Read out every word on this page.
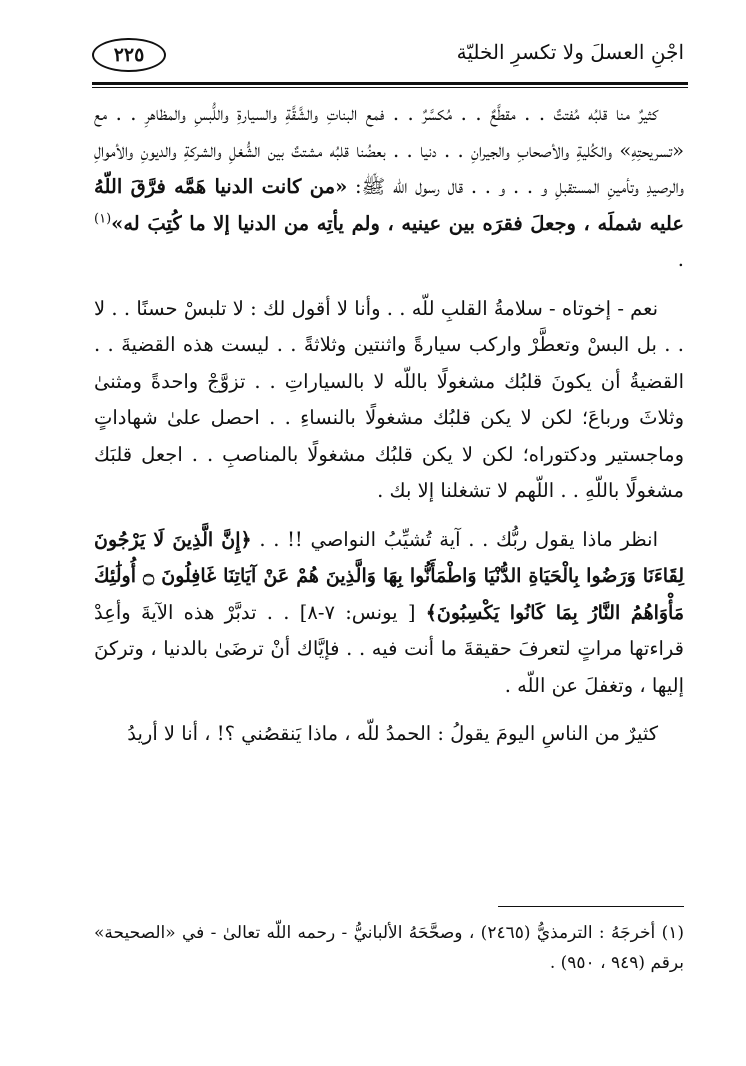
اجْنِ العسلَ ولا تكسرِ الخليّة
٢٢٥

كثيرٌ منا قلبُه مُفتتٌ . . مقطَّعٌ . . مُكسَّرٌ . . فمع البناتِ والشَّقَّةِ والسيارةِ واللُّبسِ والمظاهرِ . . مع «تسريحتِهِ» والكُليةِ والأصحابِ والجيرانِ . . دنيا . . بعضُنا قلبُه مشتتٌ بين الشُّغلِ والشركةِ والديونِ والأموالِ والرصيدِ وتأمينِ المستقبلِ و . . و . . قال رسول اللّه ﷺ: «من كانت الدنيا هَمَّه فرَّقَ اللّهُ عليه شملَه ، وجعلَ فقرَه بين عينيه ، ولم يأتِه من الدنيا إلا ما كُتِبَ له»$^{(١)}$ .

نعم - إخوتاه - سلامةُ القلبِ للّه . . وأنا لا أقول لك : لا تلبسْ حسنًا . . لا . . بل البسْ وتعطَّرْ واركب سيارةً واثنتين وثلاثةً . . ليست هذه القضيةَ . . القضيةُ أن يكونَ قلبُك مشغولًا باللّه لا بالسياراتِ . . تزوَّجْ واحدةً ومثنىٰ وثلاثَ ورباعَ؛ لكن لا يكن قلبُك مشغولًا بالنساءِ . . احصل علىٰ شهاداتٍ وماجستير ودكتوراه؛ لكن لا يكن قلبُك مشغولًا بالمناصبِ . . اجعل قلبَك مشغولًا باللّهِ . . اللّهم لا تشغلنا إلا بك .

انظر ماذا يقول ربُّك . . آية تُشيِّبُ النواصي !! . . ﴿إِنَّ الَّذِينَ لَا يَرْجُونَ لِقَاءَنَا وَرَضُوا بِالْحَيَاةِ الدُّنْيَا وَاطْمَأَنُّوا بِهَا وَالَّذِينَ هُمْ عَنْ آيَاتِنَا غَافِلُونَ ۝ أُولَٰئِكَ مَأْوَاهُمُ النَّارُ بِمَا كَانُوا يَكْسِبُونَ﴾ [ يونس: ٧-٨] . . تدبَّرْ هذه الآيةَ وأعِدْ قراءتها مراتٍ لتعرفَ حقيقةَ ما أنت فيه . . فإيَّاك أنْ ترضَىٰ بالدنيا ، وتركنَ إليها ، وتغفلَ عن اللّه .

كثيرٌ من الناسِ اليومَ يقولُ : الحمدُ للّه ، ماذا يَنقصُني ؟! ، أنا لا أريدُ

(١) أخرجَهُ : الترمذيُّ (٢٤٦٥) ، وصحَّحَهُ الألبانيُّ - رحمه اللّه تعالىٰ - في «الصحيحة» برقم (٩٤٩ ، ٩٥٠) .
